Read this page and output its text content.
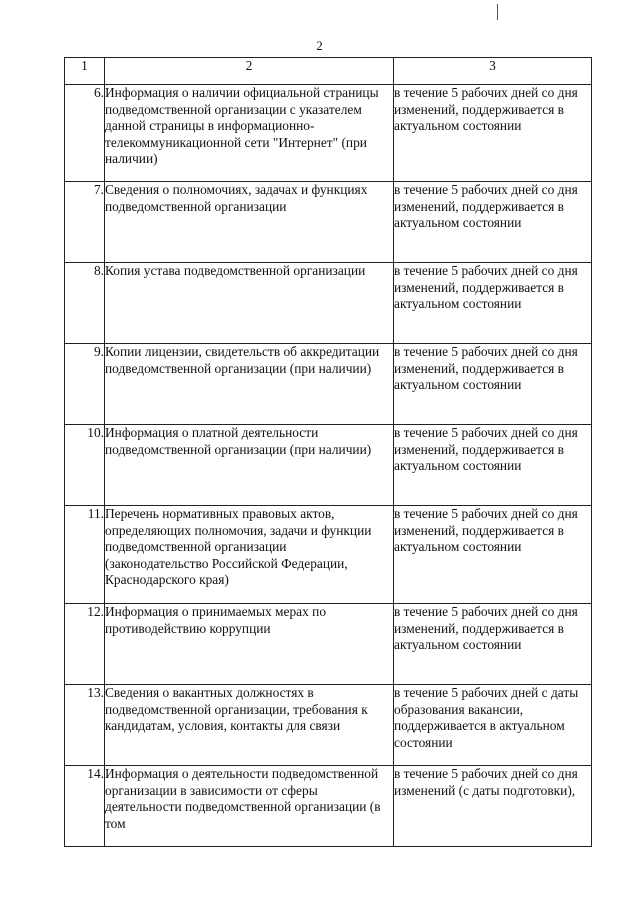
2
1	2	3
6.	Информация о наличии официальной страницы подведомственной организации с указателем данной страницы в информационно-телекоммуникационной сети "Интернет" (при наличии)	в течение 5 рабочих дней со дня изменений, поддерживается в актуальном состоянии
7.	Сведения о полномочиях, задачах и функциях подведомственной организации	в течение 5 рабочих дней со дня изменений, поддерживается в актуальном состоянии
8.	Копия устава подведомственной организации	в течение 5 рабочих дней со дня изменений, поддерживается в актуальном состоянии
9.	Копии лицензии, свидетельств об аккредитации подведомственной организации (при наличии)	в течение 5 рабочих дней со дня изменений, поддерживается в актуальном состоянии
10.	Информация о платной деятельности подведомственной организации (при наличии)	в течение 5 рабочих дней со дня изменений, поддерживается в актуальном состоянии
11.	Перечень нормативных правовых актов, определяющих полномочия, задачи и функции подведомственной организации (законодательство Российской Федерации, Краснодарского края)	в течение 5 рабочих дней со дня изменений, поддерживается в актуальном состоянии
12.	Информация о принимаемых мерах по противодействию коррупции	в течение 5 рабочих дней со дня изменений, поддерживается в актуальном состоянии
13.	Сведения о вакантных должностях в подведомственной организации, требования к кандидатам, условия, контакты для связи	в течение 5 рабочих дней с даты образования вакансии, поддерживается в актуальном состоянии
14.	Информация о деятельности подведомственной организации в зависимости от сферы деятельности подведомственной организации (в том	в течение 5 рабочих дней со дня изменений (с даты подготовки),
